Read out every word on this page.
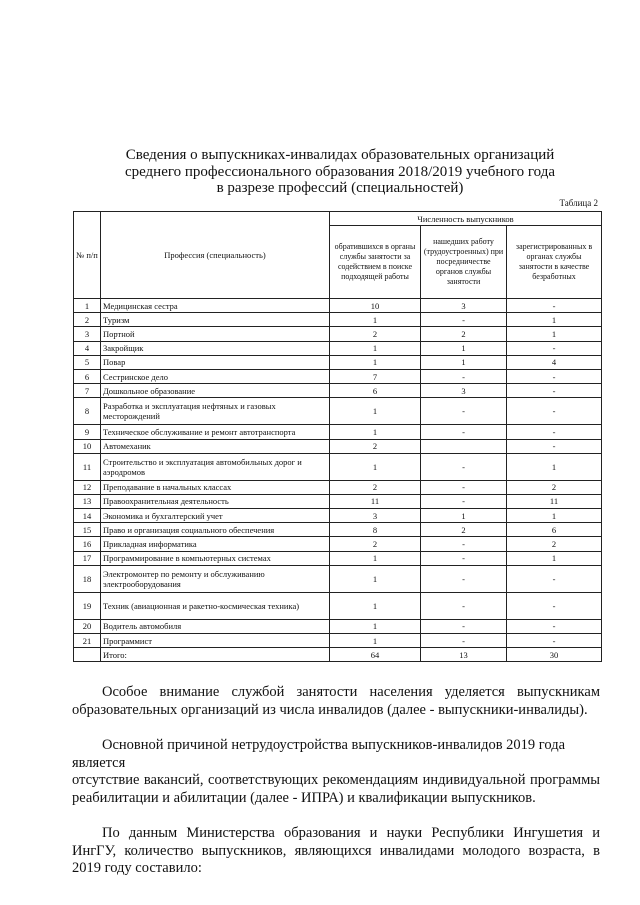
Сведения о выпускниках-инвалидах образовательных организаций
среднего профессионального образования 2018/2019 учебного года
в разрезе профессий (специальностей)
Таблица 2
№ п/п	Профессия (специальность)	Численность выпускников		
		обратившихся в органы службы занятости за содействием в поиске подходящей работы	нашедших работу (трудоустроенных) при посредничестве органов службы занятости	зарегистрированных в органах службы занятости в качестве безработных
1	Медицинская сестра	10	3	-
2	Туризм	1	-	1
3	Портной	2	2	1
4	Закройщик	1	1	-
5	Повар	1	1	4
6	Сестринское дело	7	-	-
7	Дошкольное образование	6	3	-
8	Разработка и эксплуатация нефтяных и газовых месторождений	1	-	-
9	Техническое обслуживание и ремонт автотранспорта	1	-	-
10	Автомеханик	2		-
11	Строительство и эксплуатация автомобильных дорог и аэродромов	1	-	1
12	Преподавание в начальных классах	2	-	2
13	Правоохранительная деятельность	11	-	11
14	Экономика и бухгалтерский учет	3	1	1
15	Право и организация социального обеспечения	8	2	6
16	Прикладная информатика	2	-	2
17	Программирование в компьютерных системах	1	-	1
18	Электромонтер по ремонту и обслуживанию электрооборудования	1	-	-
19	Техник (авиационная и ракетно-космическая техника)	1	-	-
20	Водитель автомобиля	1	-	-
21	Программист	1	-	-
	Итого:	64	13	30
Особое внимание службой занятости населения уделяется выпускникам образовательных организаций из числа инвалидов (далее - выпускники-инвалиды).
Основной причиной нетрудоустройства выпускников-инвалидов 2019 года является
отсутствие вакансий, соответствующих рекомендациям индивидуальной программы реабилитации и абилитации (далее - ИПРА) и квалификации выпускников.
По данным Министерства образования и науки Республики Ингушетия и ИнгГУ, количество выпускников, являющихся инвалидами молодого возраста, в 2019 году составило:
